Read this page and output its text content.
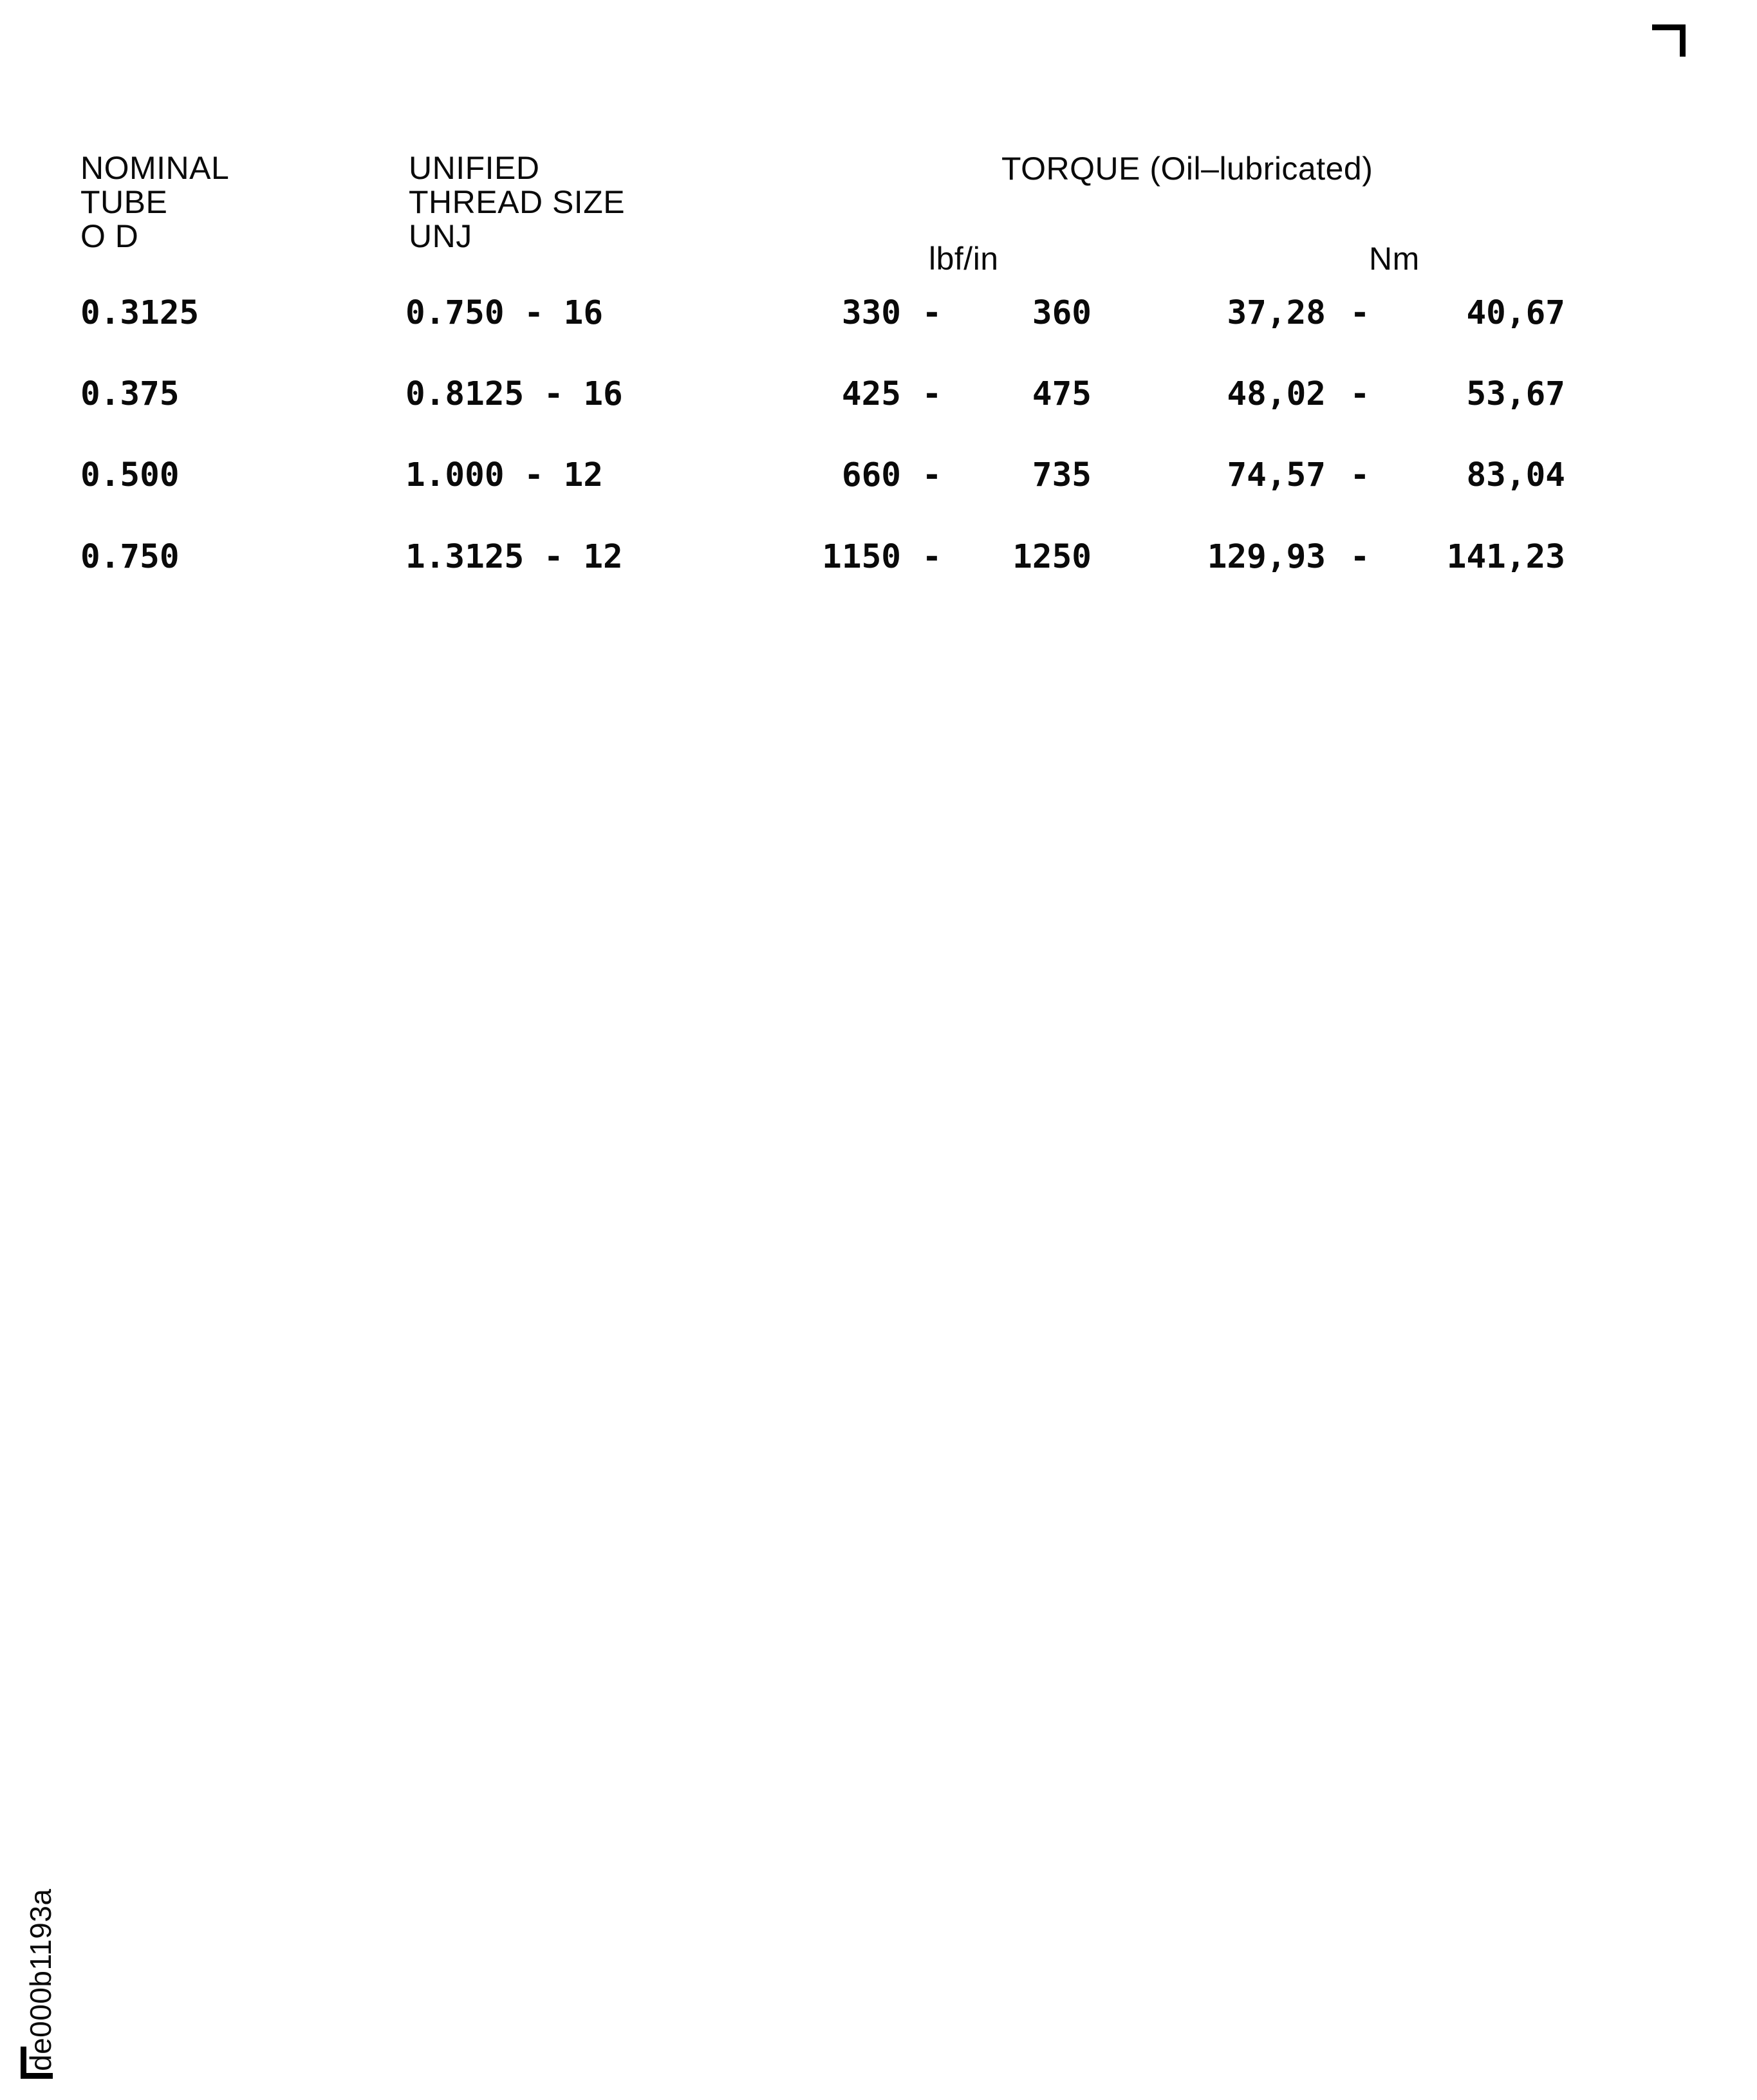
NOMINAL
TUBE
O D
UNIFIED
THREAD SIZE
UNJ
TORQUE (Oil–lubricated)
lbf/in	Nm
0.3125	0.750 - 16	330 -	360	37,28 -	40,67
0.375	0.8125 - 16	425 -	475	48,02 -	53,67
0.500	1.000 - 12	660 -	735	74,57 -	83,04
0.750	1.3125 - 12	1150 -	1250	129,93 -	141,23
de000b1193a
